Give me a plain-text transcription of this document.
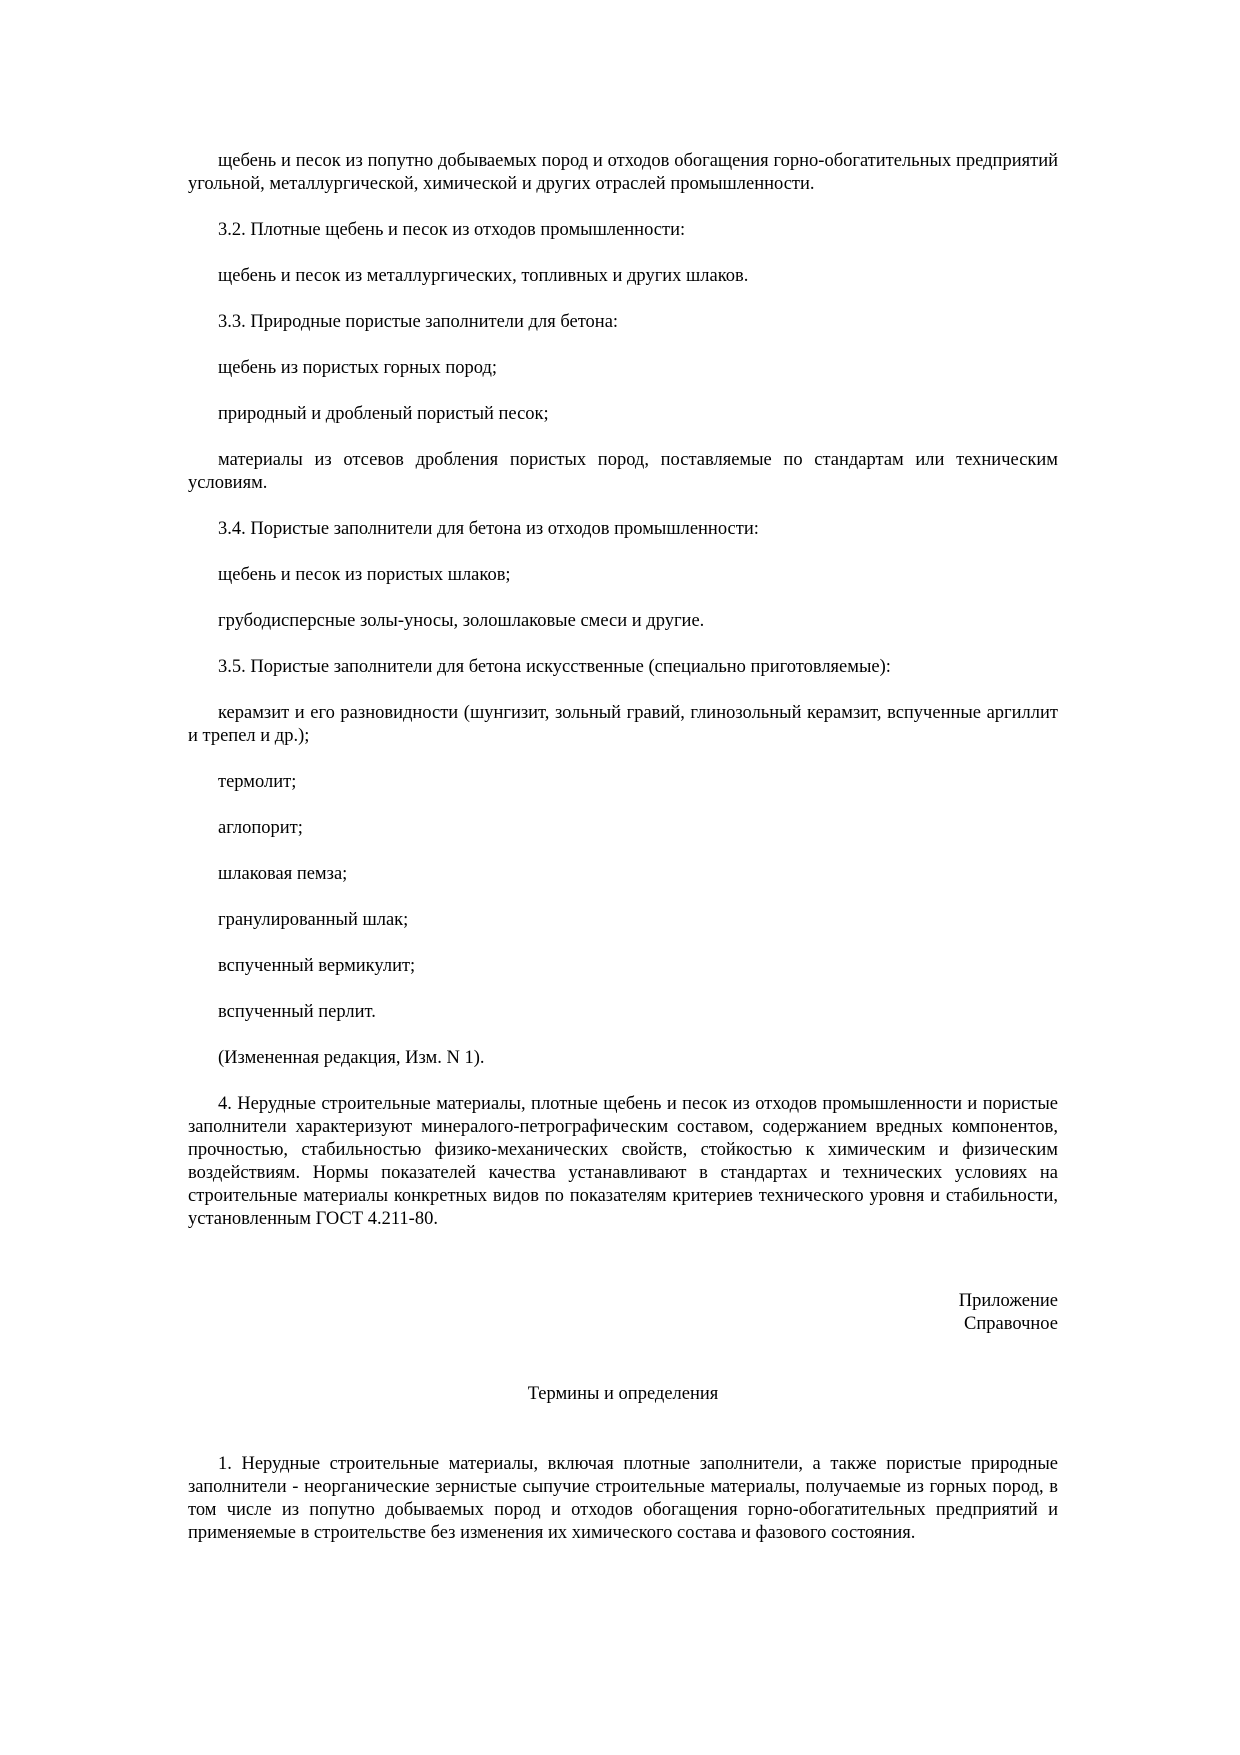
щебень и песок из попутно добываемых пород и отходов обогащения горно-обогатительных предприятий угольной, металлургической, химической и других отраслей промышленности.

3.2. Плотные щебень и песок из отходов промышленности:

щебень и песок из металлургических, топливных и других шлаков.

3.3. Природные пористые заполнители для бетона:

щебень из пористых горных пород;

природный и дробленый пористый песок;

материалы из отсевов дробления пористых пород, поставляемые по стандартам или техническим условиям.

3.4. Пористые заполнители для бетона из отходов промышленности:

щебень и песок из пористых шлаков;

грубодисперсные золы-уносы, золошлаковые смеси и другие.

3.5. Пористые заполнители для бетона искусственные (специально приготовляемые):

керамзит и его разновидности (шунгизит, зольный гравий, глинозольный керамзит, вспученные аргиллит и трепел и др.);

термолит;

аглопорит;

шлаковая пемза;

гранулированный шлак;

вспученный вермикулит;

вспученный перлит.

(Измененная редакция, Изм. N 1).

4. Нерудные строительные материалы, плотные щебень и песок из отходов промышленности и пористые заполнители характеризуют минералого-петрографическим составом, содержанием вредных компонентов, прочностью, стабильностью физико-механических свойств, стойкостью к химическим и физическим воздействиям. Нормы показателей качества устанавливают в стандартах и технических условиях на строительные материалы конкретных видов по показателям критериев технического уровня и стабильности, установленным ГОСТ 4.211-80.

Приложение
Справочное
Термины и определения

1. Нерудные строительные материалы, включая плотные заполнители, а также пористые природные заполнители - неорганические зернистые сыпучие строительные материалы, получаемые из горных пород, в том числе из попутно добываемых пород и отходов обогащения горно-обогатительных предприятий и применяемые в строительстве без изменения их химического состава и фазового состояния.
